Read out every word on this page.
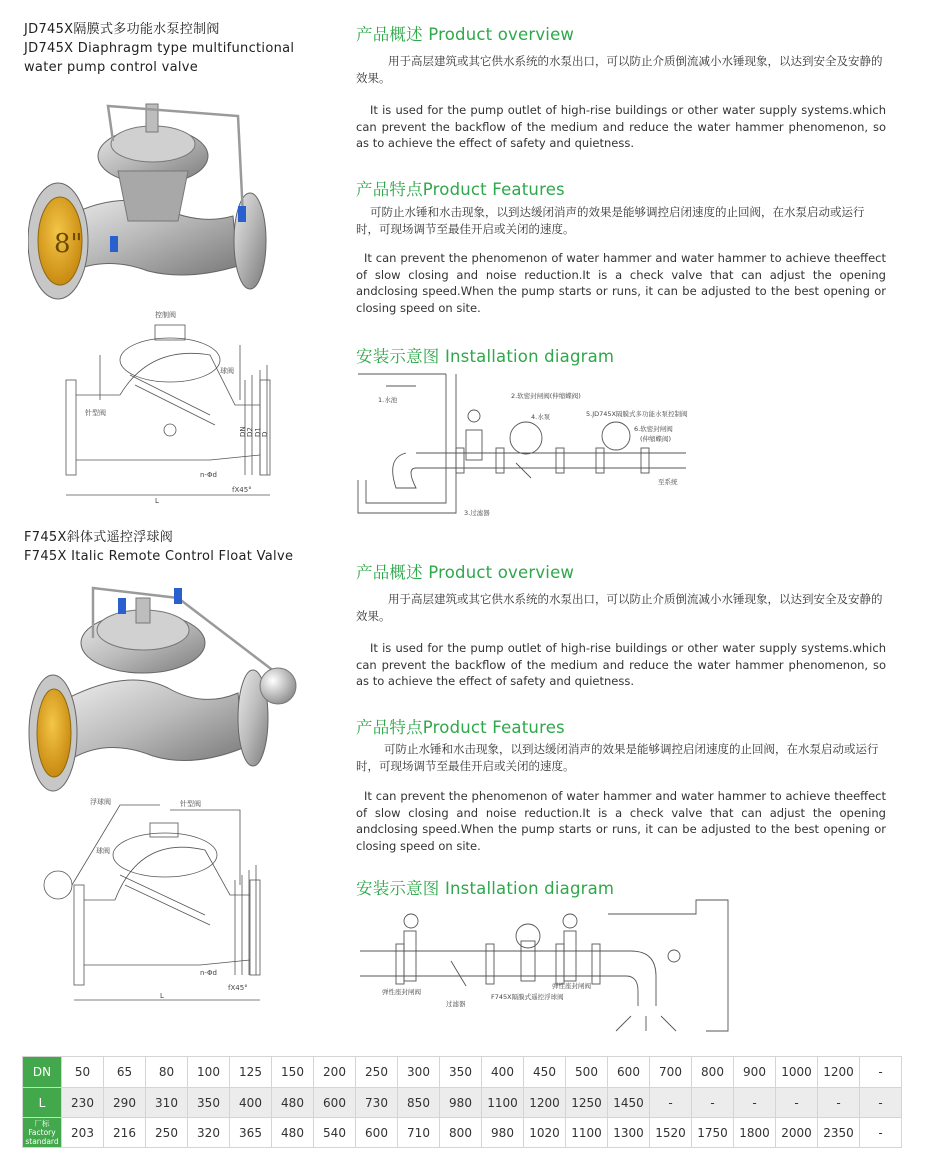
JD745X隔膜式多功能水泵控制阀
JD745X Diaphragm type multifunctional
water pump control valve
8"
控制阀
球阀
针型阀
n-Φd
fX45°
L
DN D2 D1 D
产品概述 Product overview
用于高层建筑或其它供水系统的水泵出口，可以防止介质倒流减小水锤现象，以达到安全及安静的效果。
It is used for the pump outlet of high-rise buildings or other water supply systems.which can prevent the backflow of the medium and reduce the water hammer phenomenon, so as to achieve the effect of safety and quietness.
产品特点Product Features
可防止水锤和水击现象，以到达缓闭消声的效果是能够调控启闭速度的止回阀，在水泵启动或运行时，可现场调节至最佳开启或关闭的速度。
It can prevent the phenomenon of water hammer and water hammer to achieve theeffect of slow closing and noise reduction.It is a check valve that can adjust the opening andclosing speed.When the pump starts or runs, it can be adjusted to the best opening or closing speed on site.
安装示意图 Installation diagram
1.水池	2.软密封闸阀(伸缩蝶阀)
3.过滤器
4.水泵	5.JD745X隔膜式多功能水泵控制阀
6.软密封闸阀
(伸缩蝶阀)
至系统
F745X斜体式遥控浮球阀
F745X Italic Remote Control Float Valve
浮球阀	针型阀
球阀
n-Φd
fX45°
L
产品概述 Product overview
用于高层建筑或其它供水系统的水泵出口，可以防止介质倒流减小水锤现象，以达到安全及安静的效果。
It is used for the pump outlet of high-rise buildings or other water supply systems.which can prevent the backflow of the medium and reduce the water hammer phenomenon, so as to achieve the effect of safety and quietness.
产品特点Product Features
可防止水锤和水击现象，以到达缓闭消声的效果是能够调控启闭速度的止回阀，在水泵启动或运行时，可现场调节至最佳开启或关闭的速度。
It can prevent the phenomenon of water hammer and water hammer to achieve theeffect of slow closing and noise reduction.It is a check valve that can adjust the opening andclosing speed.When the pump starts or runs, it can be adjusted to the best opening or closing speed on site.
安装示意图 Installation diagram
弹性座封闸阀
过滤器
F745X隔膜式遥控浮球阀
弹性座封闸阀
DN	50	65	80	100	125	150	200	250	300	350	400	450	500	600	700	800	900	1000	1200	-
L	230	290	310	350	400	480	600	730	850	980	1100	1200	1250	1450	-	-	-	-	-	-

厂标
Factory
standard	203	216	250	320	365	480	540	600	710	800	980	1020	1100	1300	1520	1750	1800	2000	2350	-
